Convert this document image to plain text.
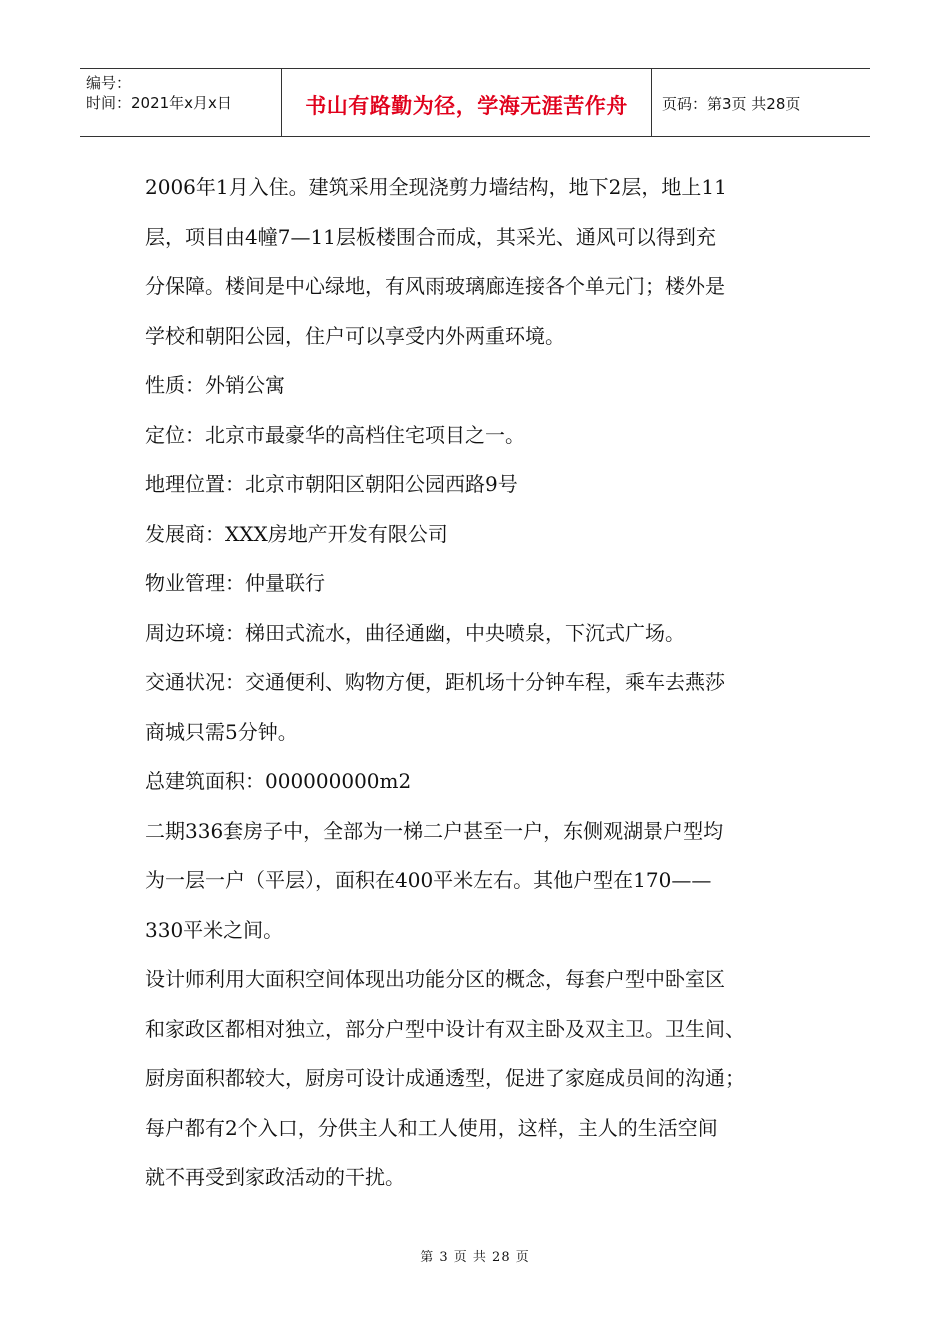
编号：
时间：2021年x月x日	书山有路勤为径，学海无涯苦作舟	页码：第3页 共28页

2006年1月入住。建筑采用全现浇剪力墙结构，地下2层，地上11

层，项目由4幢7—11层板楼围合而成，其采光、通风可以得到充

分保障。楼间是中心绿地，有风雨玻璃廊连接各个单元门；楼外是

学校和朝阳公园，住户可以享受内外两重环境。

性质：外销公寓

定位：北京市最豪华的高档住宅项目之一。

地理位置：北京市朝阳区朝阳公园西路9号

发展商：XXX房地产开发有限公司

物业管理：仲量联行

周边环境：梯田式流水，曲径通幽，中央喷泉，下沉式广场。

交通状况：交通便利、购物方便，距机场十分钟车程，乘车去燕莎

商城只需5分钟。

总建筑面积：000000000m2

二期336套房子中，全部为一梯二户甚至一户，东侧观湖景户型均

为一层一户（平层），面积在400平米左右。其他户型在170——

330平米之间。

设计师利用大面积空间体现出功能分区的概念，每套户型中卧室区

和家政区都相对独立，部分户型中设计有双主卧及双主卫。卫生间、

厨房面积都较大，厨房可设计成通透型，促进了家庭成员间的沟通；

每户都有2个入口，分供主人和工人使用，这样，主人的生活空间

就不再受到家政活动的干扰。

第 3 页 共 28 页
